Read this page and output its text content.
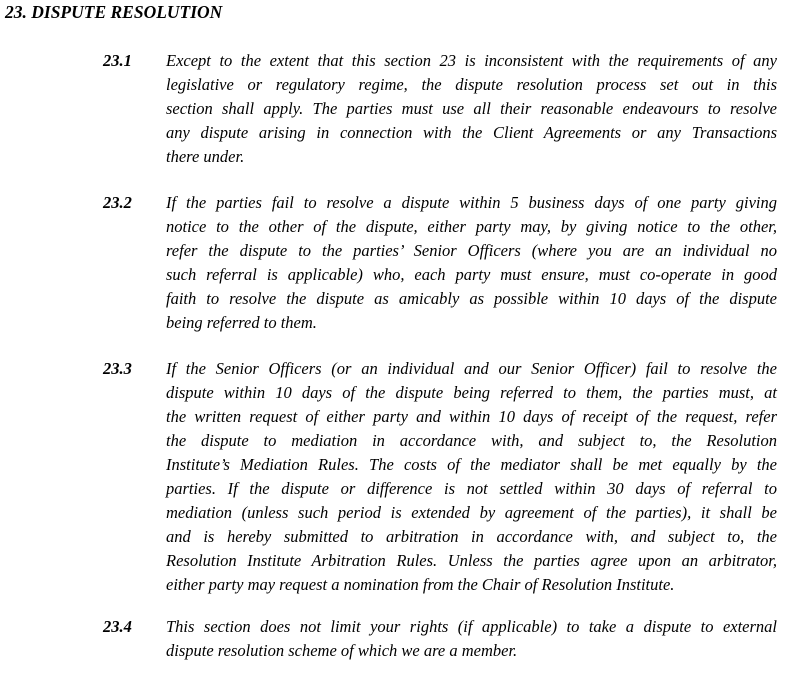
23. DISPUTE RESOLUTION
23.1 Except to the extent that this section 23 is inconsistent with the requirements of any
legislative or regulatory regime, the dispute resolution process set out in this
section shall apply. The parties must use all their reasonable endeavours to resolve
any dispute arising in connection with the Client Agreements or any Transactions
there under.
23.2 If the parties fail to resolve a dispute within 5 business days of one party giving
notice to the other of the dispute, either party may, by giving notice to the other,
refer the dispute to the parties’ Senior Officers (where you are an individual no
such referral is applicable) who, each party must ensure, must co-operate in good
faith to resolve the dispute as amicably as possible within 10 days of the dispute
being referred to them.
23.3 If the Senior Officers (or an individual and our Senior Officer) fail to resolve the
dispute within 10 days of the dispute being referred to them, the parties must, at
the written request of either party and within 10 days of receipt of the request, refer
the dispute to mediation in accordance with, and subject to, the Resolution
Institute’s Mediation Rules. The costs of the mediator shall be met equally by the
parties. If the dispute or difference is not settled within 30 days of referral to
mediation (unless such period is extended by agreement of the parties), it shall be
and is hereby submitted to arbitration in accordance with, and subject to, the
Resolution Institute Arbitration Rules. Unless the parties agree upon an arbitrator,
either party may request a nomination from the Chair of Resolution Institute.
23.4 This section does not limit your rights (if applicable) to take a dispute to external
dispute resolution scheme of which we are a member.
